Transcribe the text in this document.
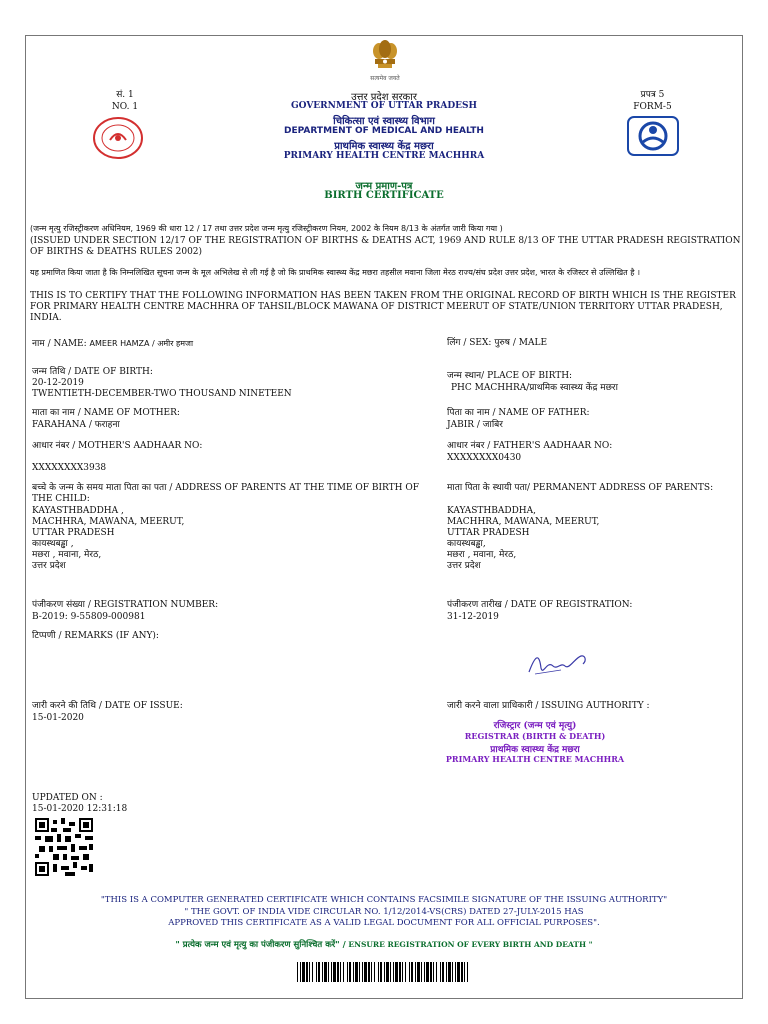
सत्यमेव जयते
सं. 1
NO. 1
उत्तर प्रदेश सरकार
GOVERNMENT OF UTTAR PRADESH
चिकित्सा एवं स्वास्थ्य विभाग
DEPARTMENT OF MEDICAL AND HEALTH
प्राथमिक स्वास्थ्य केंद्र मछरा
PRIMARY HEALTH CENTRE MACHHRA
प्रपत्र 5
FORM-5
जन्म प्रमाण-पत्र
BIRTH CERTIFICATE
(जन्म मृत्यु रजिस्ट्रीकरण अधिनियम, 1969 की धारा 12 / 17 तथा उत्तर प्रदेश जन्म मृत्यु रजिस्ट्रीकरण नियम, 2002 के नियम 8/13 के अंतर्गत जारी किया गया )
(ISSUED UNDER SECTION 12/17 OF THE REGISTRATION OF BIRTHS & DEATHS ACT, 1969 AND RULE 8/13 OF THE UTTAR PRADESH REGISTRATION OF BIRTHS & DEATHS RULES 2002)
यह प्रमाणित किया जाता है कि निम्नलिखित सूचना जन्म के मूल अभिलेख से ली गई है जो कि प्राथमिक स्वास्थ्य केंद्र मछरा तहसील मवाना जिला मेरठ राज्य/संघ प्रदेश उत्तर प्रदेश, भारत के रजिस्टर से उल्लिखित है ।
THIS IS TO CERTIFY THAT THE FOLLOWING INFORMATION HAS BEEN TAKEN FROM THE ORIGINAL RECORD OF BIRTH WHICH IS THE REGISTER FOR PRIMARY HEALTH CENTRE MACHHRA OF TAHSIL/BLOCK MAWANA OF DISTRICT MEERUT OF STATE/UNION TERRITORY UTTAR PRADESH, INDIA.
नाम / NAME: AMEER HAMZA / अमीर हमजा	लिंग / SEX: पुरुष / MALE
जन्म तिथि / DATE OF BIRTH:
20-12-2019
TWENTIETH-DECEMBER-TWO THOUSAND NINETEEN
जन्म स्थान/ PLACE OF BIRTH:
PHC MACHHRA/प्राथमिक स्वास्थ्य केंद्र मछरा
माता का नाम / NAME OF MOTHER:
FARAHANA / फराहना
पिता का नाम / NAME OF FATHER:
JABIR / जाबिर
आधार नंबर / MOTHER'S AADHAAR NO:
XXXXXXXX3938
आधार नंबर / FATHER'S AADHAAR NO:
XXXXXXXX0430
बच्चे के जन्म के समय माता पिता का पता / ADDRESS OF PARENTS AT THE TIME OF BIRTH OF THE CHILD:
KAYASTHBADDHA ,
MACHHRA, MAWANA, MEERUT,
UTTAR PRADESH
कायस्थबड्ढा ,
मछरा , मवाना, मेरठ,
उत्तर प्रदेश
माता पिता के स्थायी पता/ PERMANENT ADDRESS OF PARENTS:
KAYASTHBADDHA,
MACHHRA, MAWANA, MEERUT,
UTTAR PRADESH
कायस्थबड्ढा,
मछरा , मवाना, मेरठ,
उत्तर प्रदेश
पंजीकरण संख्या / REGISTRATION NUMBER:
B-2019: 9-55809-000981
पंजीकरण तारीख / DATE OF REGISTRATION:
31-12-2019
टिप्पणी / REMARKS (IF ANY):
जारी करने की तिथि / DATE OF ISSUE:
15-01-2020
जारी करने वाला प्राधिकारी / ISSUING AUTHORITY :
रजिस्ट्रार (जन्म एवं मृत्यु)
REGISTRAR (BIRTH & DEATH)
प्राथमिक स्वास्थ्य केंद्र मछरा
PRIMARY HEALTH CENTRE MACHHRA
UPDATED ON :
15-01-2020 12:31:18
"THIS IS A COMPUTER GENERATED CERTIFICATE WHICH CONTAINS FACSIMILE SIGNATURE OF THE ISSUING AUTHORITY"
" THE GOVT. OF INDIA VIDE CIRCULAR NO. 1/12/2014-VS(CRS) DATED 27-JULY-2015 HAS
APPROVED THIS CERTIFICATE AS A VALID LEGAL DOCUMENT FOR ALL OFFICIAL PURPOSES".
" प्रत्येक जन्म एवं मृत्यु का पंजीकरण सुनिश्चित करें" / ENSURE REGISTRATION OF EVERY BIRTH AND DEATH "
